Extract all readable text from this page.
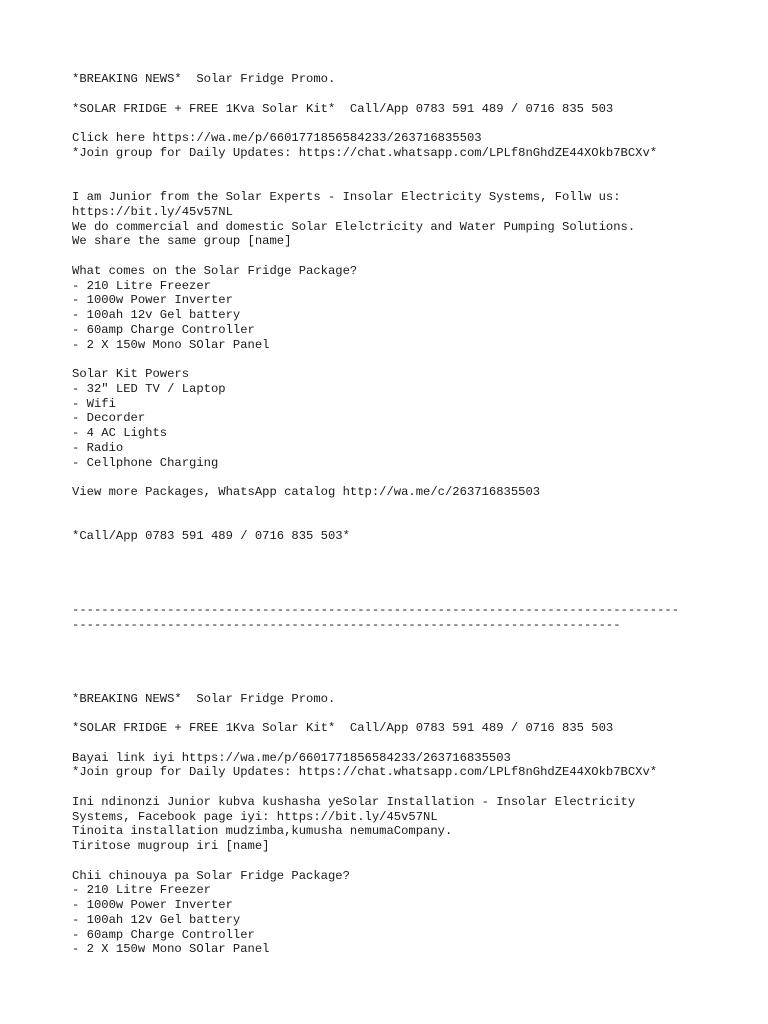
*BREAKING NEWS*  Solar Fridge Promo.
*SOLAR FRIDGE + FREE 1Kva Solar Kit*  Call/App 0783 591 489 / 0716 835 503
Click here https://wa.me/p/6601771856584233/263716835503
*Join group for Daily Updates: https://chat.whatsapp.com/LPLf8nGhdZE44XOkb7BCXv*
I am Junior from the Solar Experts - Insolar Electricity Systems, Follw us:
https://bit.ly/45v57NL
We do commercial and domestic Solar Elelctricity and Water Pumping Solutions.
We share the same group [name]
What comes on the Solar Fridge Package?
- 210 Litre Freezer
- 1000w Power Inverter
- 100ah 12v Gel battery
- 60amp Charge Controller
- 2 X 150w Mono SOlar Panel
Solar Kit Powers
- 32" LED TV / Laptop
- Wifi
- Decorder
- 4 AC Lights
- Radio
- Cellphone Charging
View more Packages, WhatsApp catalog http://wa.me/c/263716835503
*Call/App 0783 591 489 / 0716 835 503*
-----------------------------------------------------------------------------------
---------------------------------------------------------------------------
*BREAKING NEWS*  Solar Fridge Promo.
*SOLAR FRIDGE + FREE 1Kva Solar Kit*  Call/App 0783 591 489 / 0716 835 503
Bayai link iyi https://wa.me/p/6601771856584233/263716835503
*Join group for Daily Updates: https://chat.whatsapp.com/LPLf8nGhdZE44XOkb7BCXv*
Ini ndinonzi Junior kubva kushasha yeSolar Installation - Insolar Electricity
Systems, Facebook page iyi: https://bit.ly/45v57NL
Tinoita installation mudzimba,kumusha nemumaCompany.
Tiritose mugroup iri [name]
Chii chinouya pa Solar Fridge Package?
- 210 Litre Freezer
- 1000w Power Inverter
- 100ah 12v Gel battery
- 60amp Charge Controller
- 2 X 150w Mono SOlar Panel
